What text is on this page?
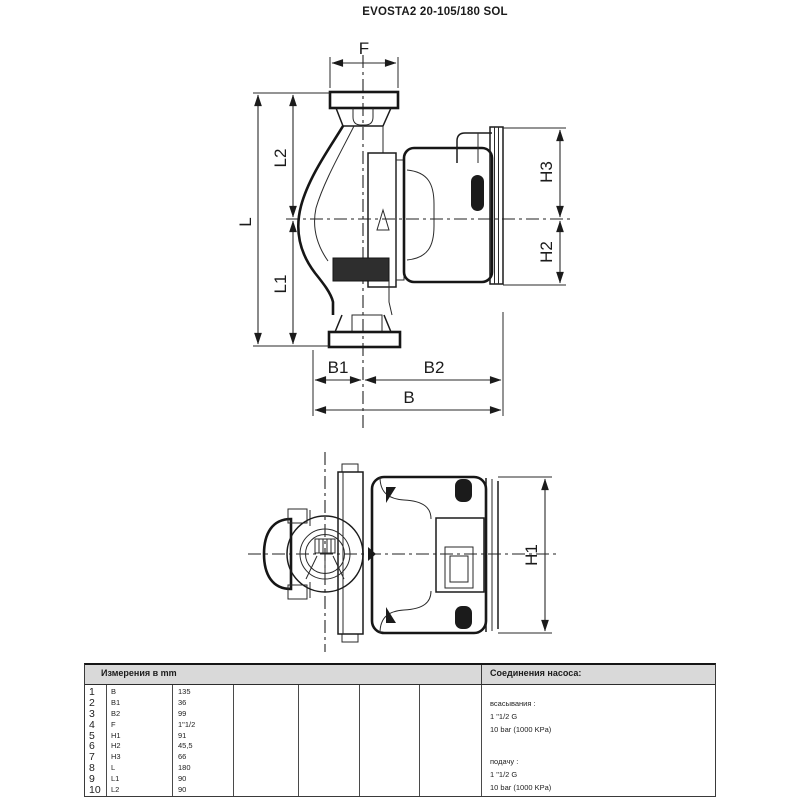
EVOSTA2 20-105/180 SOL
F
L2
L
L1
H3
H2
B1	B2
B
H1
Измерения в mm	Соединения насоса:
1	B	135
2	B1	36
3	B2	99
4	F	1"1/2
5	H1	91
6	H2	45,5
7	H3	66
8	L	180
9	L1	90
10	L2	90
всасывания :
1 "1/2 G
10 bar (1000 KPa)
подачу :
1 "1/2 G
10 bar (1000 KPa)
